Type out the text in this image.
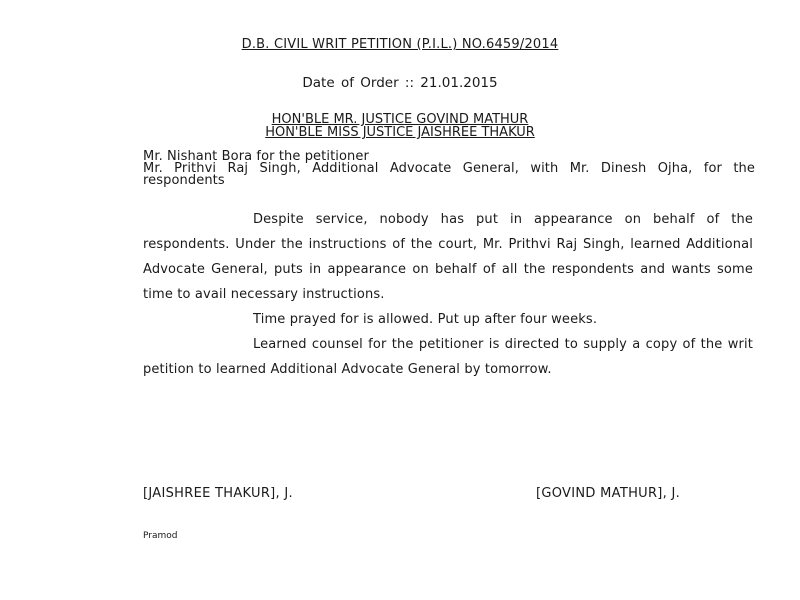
D.B. CIVIL WRIT PETITION (P.I.L.) NO.6459/2014
Date of Order :: 21.01.2015
HON'BLE MR. JUSTICE GOVIND MATHUR
HON'BLE MISS JUSTICE JAISHREE THAKUR
Mr. Nishant Bora for the petitioner
Mr. Prithvi Raj Singh, Additional Advocate General, with Mr. Dinesh Ojha, for the respondents

Despite service, nobody has put in appearance on behalf of the respondents. Under the instructions of the court, Mr. Prithvi Raj Singh, learned Additional Advocate General, puts in appearance on behalf of all the respondents and wants some time to avail necessary instructions.

Time prayed for is allowed. Put up after four weeks.

Learned counsel for the petitioner is directed to supply a copy of the writ petition to learned Additional Advocate General by tomorrow.

[JAISHREE THAKUR], J.	[GOVIND MATHUR], J.
Pramod
